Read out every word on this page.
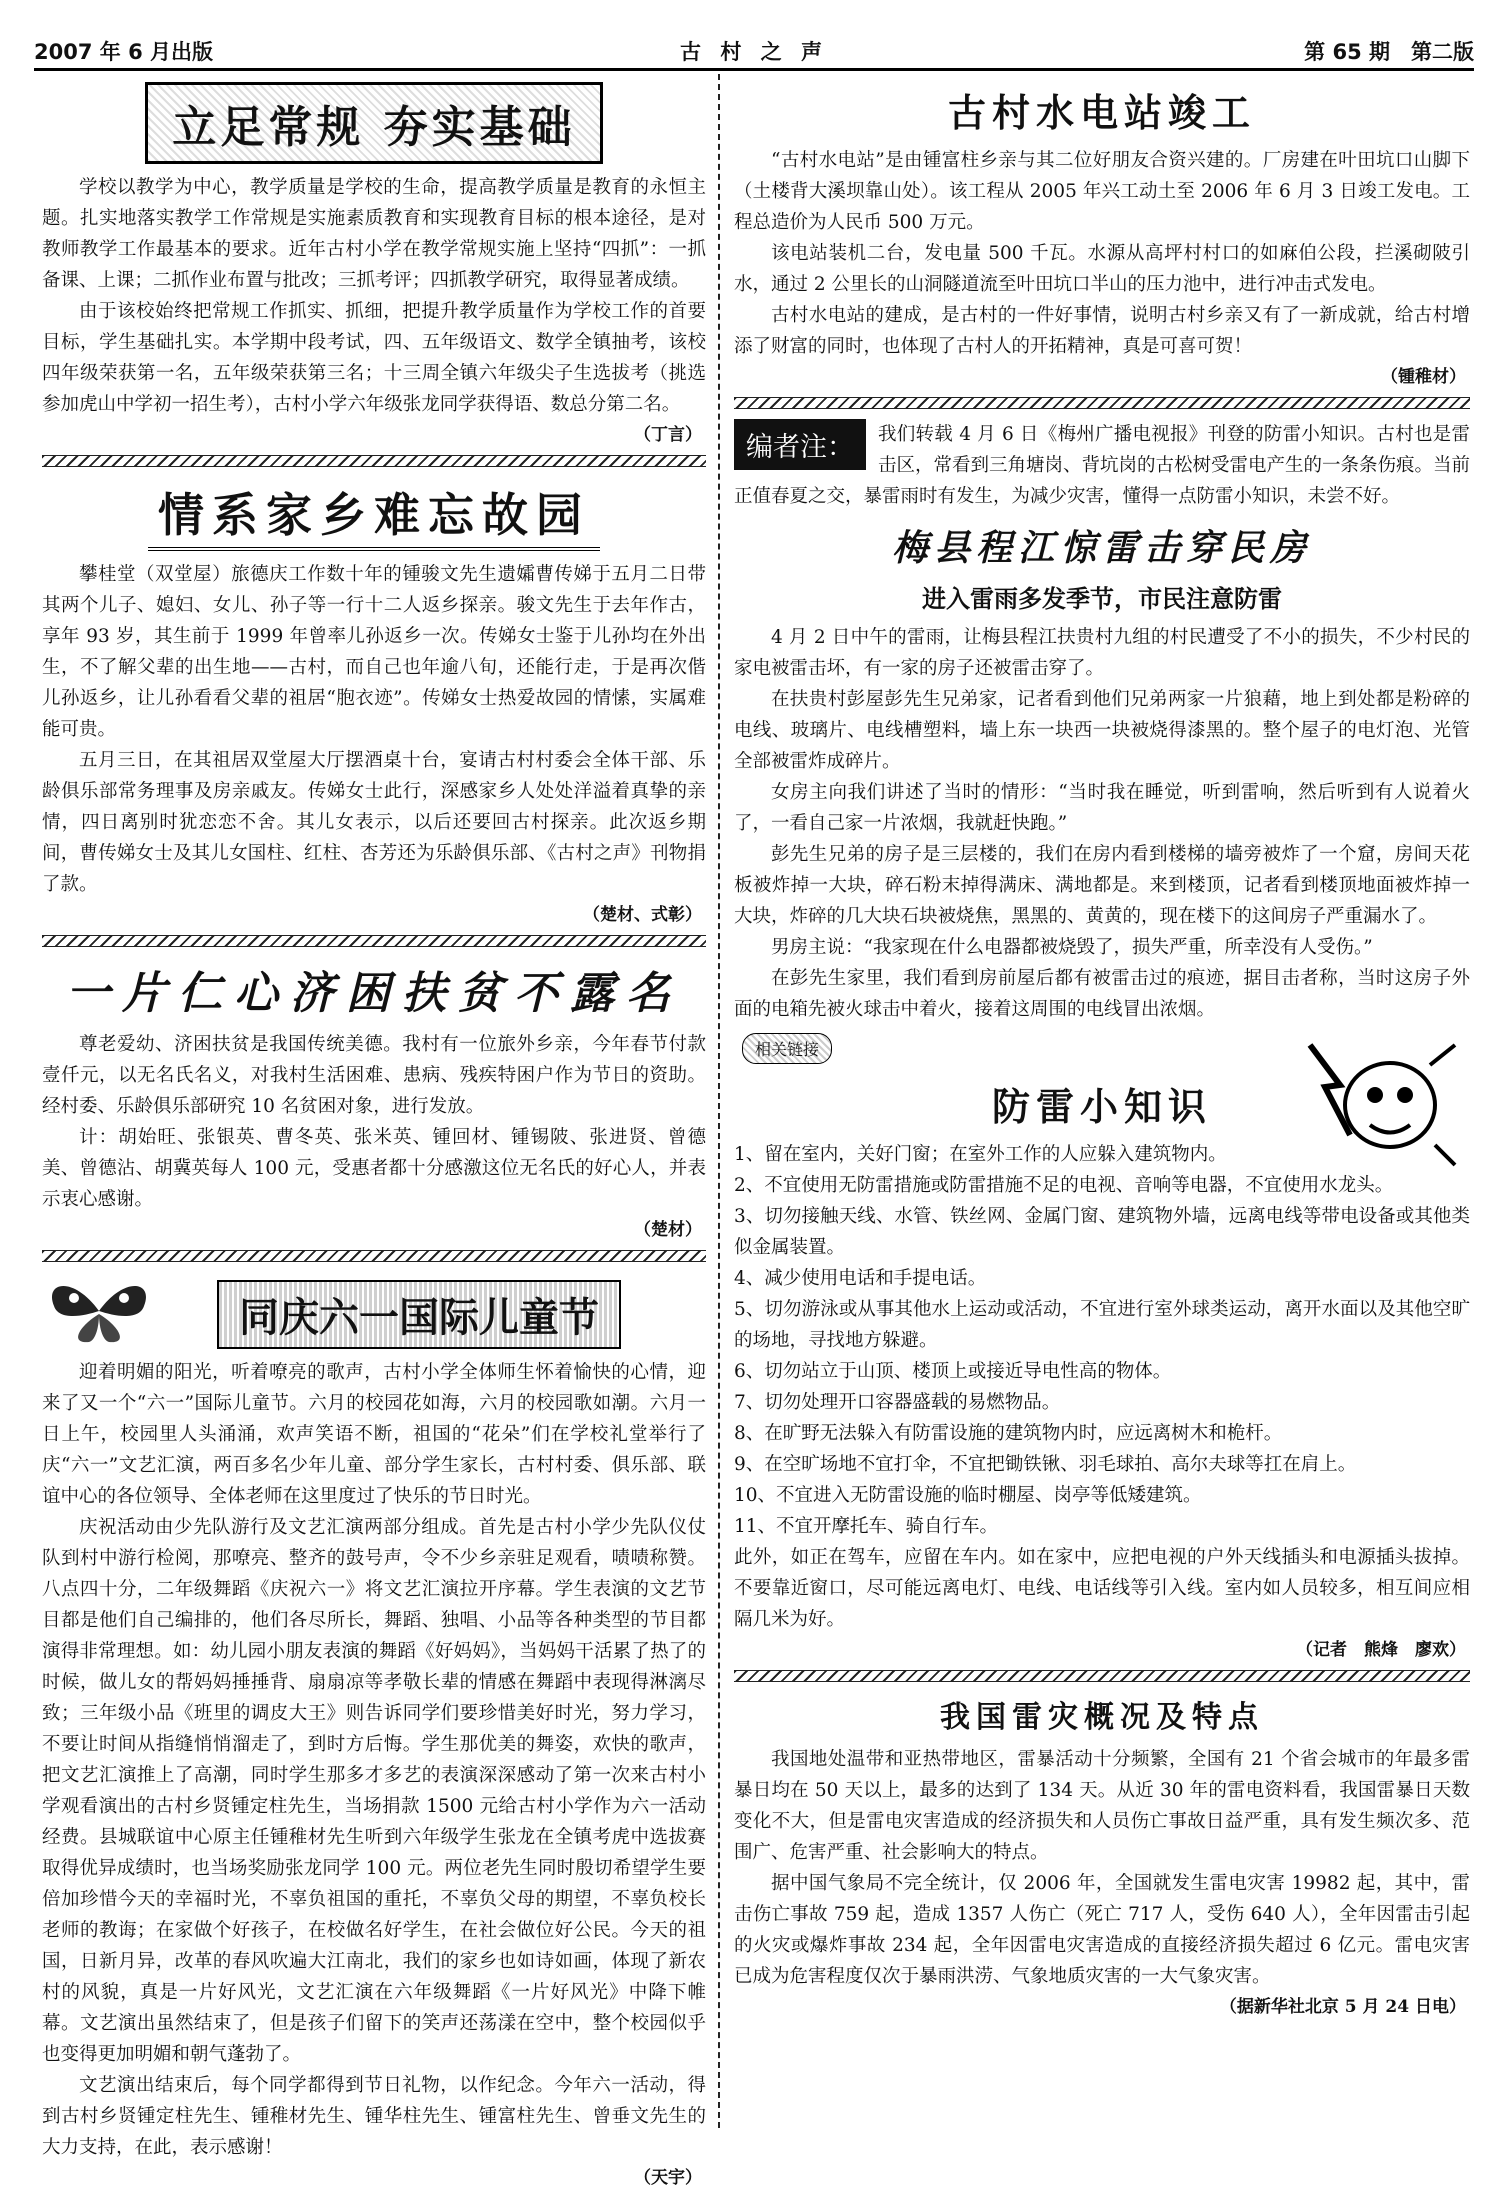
2007 年 6 月出版	古 村 之 声	第 65 期　第二版
立足常规 夯实基础

学校以教学为中心，教学质量是学校的生命，提高教学质量是教育的永恒主题。扎实地落实教学工作常规是实施素质教育和实现教育目标的根本途径，是对教师教学工作最基本的要求。近年古村小学在教学常规实施上坚持“四抓”：一抓备课、上课；二抓作业布置与批改；三抓考评；四抓教学研究，取得显著成绩。

由于该校始终把常规工作抓实、抓细，把提升教学质量作为学校工作的首要目标，学生基础扎实。本学期中段考试，四、五年级语文、数学全镇抽考，该校四年级荣获第一名，五年级荣获第三名；十三周全镇六年级尖子生选拔考（挑选参加虎山中学初一招生考），古村小学六年级张龙同学获得语、数总分第二名。

（丁言）
情系家乡难忘故园

攀桂堂（双堂屋）旅德庆工作数十年的锺骏文先生遗孀曹传娣于五月二日带其两个儿子、媳妇、女儿、孙子等一行十二人返乡探亲。骏文先生于去年作古，享年 93 岁，其生前于 1999 年曾率儿孙返乡一次。传娣女士鉴于儿孙均在外出生，不了解父辈的出生地——古村，而自己也年逾八旬，还能行走，于是再次偕儿孙返乡，让儿孙看看父辈的祖居“胞衣迹”。传娣女士热爱故园的情愫，实属难能可贵。

五月三日，在其祖居双堂屋大厅摆酒桌十台，宴请古村村委会全体干部、乐龄俱乐部常务理事及房亲戚友。传娣女士此行，深感家乡人处处洋溢着真挚的亲情，四日离别时犹恋恋不舍。其儿女表示，以后还要回古村探亲。此次返乡期间，曹传娣女士及其儿女国柱、红柱、杏芳还为乐龄俱乐部、《古村之声》刊物捐了款。

（楚材、式彰）
一片仁心济困扶贫不露名

尊老爱幼、济困扶贫是我国传统美德。我村有一位旅外乡亲，今年春节付款壹仟元，以无名氏名义，对我村生活困难、患病、残疾特困户作为节日的资助。经村委、乐龄俱乐部研究 10 名贫困对象，进行发放。

计：胡始旺、张银英、曹冬英、张米英、锺回材、锺锡陂、张进贤、曾德美、曾德沾、胡冀英每人 100 元，受惠者都十分感激这位无名氏的好心人，并表示衷心感谢。

（楚材）
同庆六一国际儿童节

迎着明媚的阳光，听着嘹亮的歌声，古村小学全体师生怀着愉快的心情，迎来了又一个“六一”国际儿童节。六月的校园花如海，六月的校园歌如潮。六月一日上午，校园里人头涌涌，欢声笑语不断，祖国的“花朵”们在学校礼堂举行了庆“六一”文艺汇演，两百多名少年儿童、部分学生家长，古村村委、俱乐部、联谊中心的各位领导、全体老师在这里度过了快乐的节日时光。

庆祝活动由少先队游行及文艺汇演两部分组成。首先是古村小学少先队仪仗队到村中游行检阅，那嘹亮、整齐的鼓号声，令不少乡亲驻足观看，啧啧称赞。八点四十分，二年级舞蹈《庆祝六一》将文艺汇演拉开序幕。学生表演的文艺节目都是他们自己编排的，他们各尽所长，舞蹈、独唱、小品等各种类型的节目都演得非常理想。如：幼儿园小朋友表演的舞蹈《好妈妈》，当妈妈干活累了热了的时候，做儿女的帮妈妈捶捶背、扇扇凉等孝敬长辈的情感在舞蹈中表现得淋漓尽致；三年级小品《班里的调皮大王》则告诉同学们要珍惜美好时光，努力学习，不要让时间从指缝悄悄溜走了，到时方后悔。学生那优美的舞姿，欢快的歌声，把文艺汇演推上了高潮，同时学生那多才多艺的表演深深感动了第一次来古村小学观看演出的古村乡贤锺定柱先生，当场捐款 1500 元给古村小学作为六一活动经费。县城联谊中心原主任锺稚材先生听到六年级学生张龙在全镇考虎中选拔赛取得优异成绩时，也当场奖励张龙同学 100 元。两位老先生同时殷切希望学生要倍加珍惜今天的幸福时光，不辜负祖国的重托，不辜负父母的期望，不辜负校长老师的教诲；在家做个好孩子，在校做名好学生，在社会做位好公民。今天的祖国，日新月异，改革的春风吹遍大江南北，我们的家乡也如诗如画，体现了新农村的风貌，真是一片好风光，文艺汇演在六年级舞蹈《一片好风光》中降下帷幕。文艺演出虽然结束了，但是孩子们留下的笑声还荡漾在空中，整个校园似乎也变得更加明媚和朝气蓬勃了。

文艺演出结束后，每个同学都得到节日礼物，以作纪念。今年六一活动，得到古村乡贤锺定柱先生、锺稚材先生、锺华柱先生、锺富柱先生、曾垂文先生的大力支持，在此，表示感谢！

（天宇）
古村水电站竣工

“古村水电站”是由锺富柱乡亲与其二位好朋友合资兴建的。厂房建在叶田坑口山脚下（土楼背大溪坝靠山处）。该工程从 2005 年兴工动土至 2006 年 6 月 3 日竣工发电。工程总造价为人民币 500 万元。

该电站装机二台，发电量 500 千瓦。水源从高坪村村口的如麻伯公段，拦溪砌陂引水，通过 2 公里长的山洞隧道流至叶田坑口半山的压力池中，进行冲击式发电。

古村水电站的建成，是古村的一件好事情，说明古村乡亲又有了一新成就，给古村增添了财富的同时，也体现了古村人的开拓精神，真是可喜可贺！

（锺稚材）
编者注：	我们转载 4 月 6 日《梅州广播电视报》刊登的防雷小知识。古村也是雷击区，常看到三角塘岗、背坑岗的古松树受雷电产生的一条条伤痕。当前正值春夏之交，暴雷雨时有发生，为减少灾害，懂得一点防雷小知识，未尝不好。

梅县程江惊雷击穿民房
进入雷雨多发季节，市民注意防雷

4 月 2 日中午的雷雨，让梅县程江扶贵村九组的村民遭受了不小的损失，不少村民的家电被雷击坏，有一家的房子还被雷击穿了。

在扶贵村彭屋彭先生兄弟家，记者看到他们兄弟两家一片狼藉，地上到处都是粉碎的电线、玻璃片、电线槽塑料，墙上东一块西一块被烧得漆黑的。整个屋子的电灯泡、光管全部被雷炸成碎片。

女房主向我们讲述了当时的情形：“当时我在睡觉，听到雷响，然后听到有人说着火了，一看自己家一片浓烟，我就赶快跑。”

彭先生兄弟的房子是三层楼的，我们在房内看到楼梯的墙旁被炸了一个窟，房间天花板被炸掉一大块，碎石粉末掉得满床、满地都是。来到楼顶，记者看到楼顶地面被炸掉一大块，炸碎的几大块石块被烧焦，黑黑的、黄黄的，现在楼下的这间房子严重漏水了。

男房主说：“我家现在什么电器都被烧毁了，损失严重，所幸没有人受伤。”

在彭先生家里，我们看到房前屋后都有被雷击过的痕迹，据目击者称，当时这房子外面的电箱先被火球击中着火，接着这周围的电线冒出浓烟。

相关链接
防雷小知识

1、留在室内，关好门窗；在室外工作的人应躲入建筑物内。

2、不宜使用无防雷措施或防雷措施不足的电视、音响等电器，不宜使用水龙头。

3、切勿接触天线、水管、铁丝网、金属门窗、建筑物外墙，远离电线等带电设备或其他类似金属装置。

4、减少使用电话和手提电话。

5、切勿游泳或从事其他水上运动或活动，不宜进行室外球类运动，离开水面以及其他空旷的场地，寻找地方躲避。

6、切勿站立于山顶、楼顶上或接近导电性高的物体。

7、切勿处理开口容器盛载的易燃物品。

8、在旷野无法躲入有防雷设施的建筑物内时，应远离树木和桅杆。

9、在空旷场地不宜打伞，不宜把锄铁锹、羽毛球拍、高尔夫球等扛在肩上。

10、不宜进入无防雷设施的临时棚屋、岗亭等低矮建筑。

11、不宜开摩托车、骑自行车。

此外，如正在驾车，应留在车内。如在家中，应把电视的户外天线插头和电源插头拔掉。不要靠近窗口，尽可能远离电灯、电线、电话线等引入线。室内如人员较多，相互间应相隔几米为好。

（记者　熊烽　廖欢）
我国雷灾概况及特点

我国地处温带和亚热带地区，雷暴活动十分频繁，全国有 21 个省会城市的年最多雷暴日均在 50 天以上，最多的达到了 134 天。从近 30 年的雷电资料看，我国雷暴日天数变化不大，但是雷电灾害造成的经济损失和人员伤亡事故日益严重，具有发生频次多、范围广、危害严重、社会影响大的特点。

据中国气象局不完全统计，仅 2006 年，全国就发生雷电灾害 19982 起，其中，雷击伤亡事故 759 起，造成 1357 人伤亡（死亡 717 人，受伤 640 人），全年因雷击引起的火灾或爆炸事故 234 起，全年因雷电灾害造成的直接经济损失超过 6 亿元。雷电灾害已成为危害程度仅次于暴雨洪涝、气象地质灾害的一大气象灾害。

（据新华社北京 5 月 24 日电）
